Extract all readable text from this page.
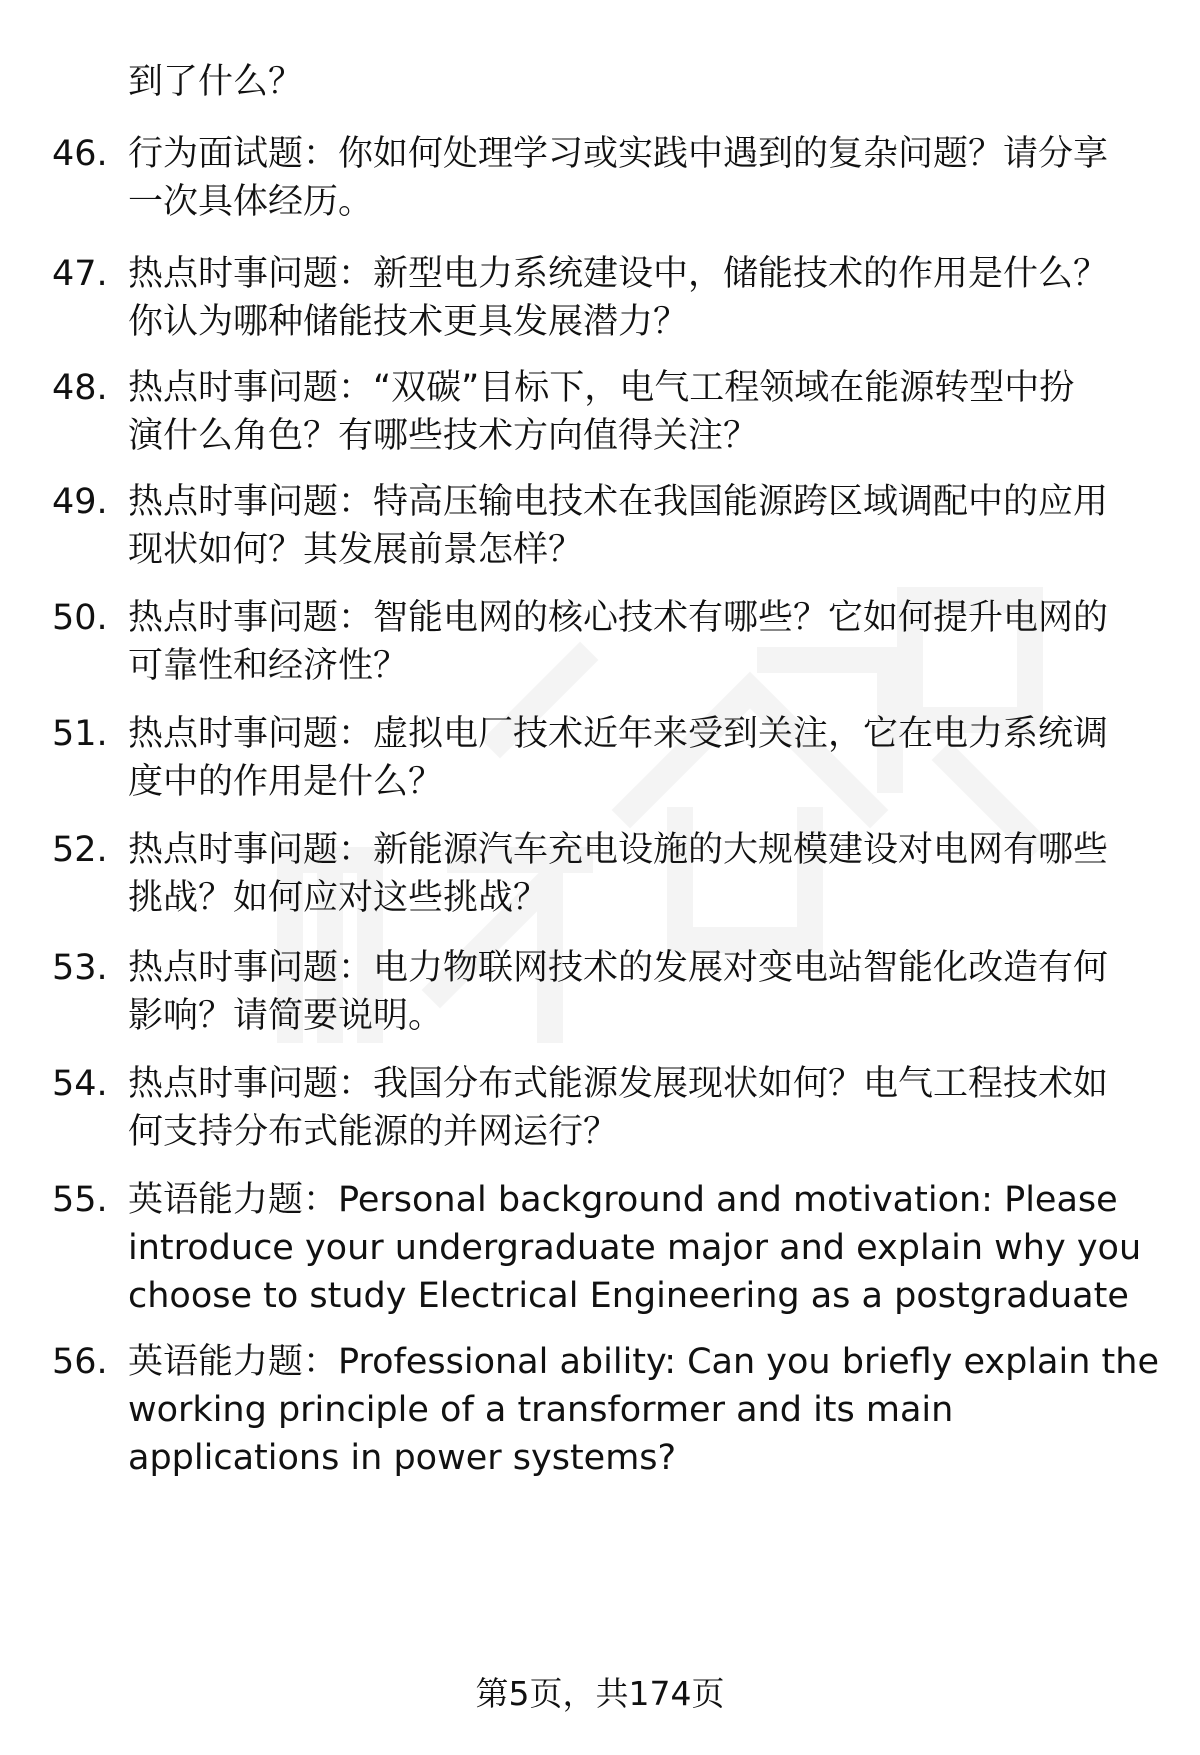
到了什么？
46. 行为面试题：你如何处理学习或实践中遇到的复杂问题？请分享
一次具体经历。
47. 热点时事问题：新型电力系统建设中，储能技术的作用是什么？
你认为哪种储能技术更具发展潜力？
48. 热点时事问题：“双碳”目标下，电气工程领域在能源转型中扮
演什么角色？有哪些技术方向值得关注？
49. 热点时事问题：特高压输电技术在我国能源跨区域调配中的应用
现状如何？其发展前景怎样？
50. 热点时事问题：智能电网的核心技术有哪些？它如何提升电网的
可靠性和经济性？
51. 热点时事问题：虚拟电厂技术近年来受到关注，它在电力系统调
度中的作用是什么？
52. 热点时事问题：新能源汽车充电设施的大规模建设对电网有哪些
挑战？如何应对这些挑战？
53. 热点时事问题：电力物联网技术的发展对变电站智能化改造有何
影响？请简要说明。
54. 热点时事问题：我国分布式能源发展现状如何？电气工程技术如
何支持分布式能源的并网运行？
55. 英语能力题：Personal background and motivation: Please
introduce your undergraduate major and explain why you
choose to study Electrical Engineering as a postgraduate
56. 英语能力题：Professional ability: Can you briefly explain the
working principle of a transformer and its main
applications in power systems?
第5页，共174页
